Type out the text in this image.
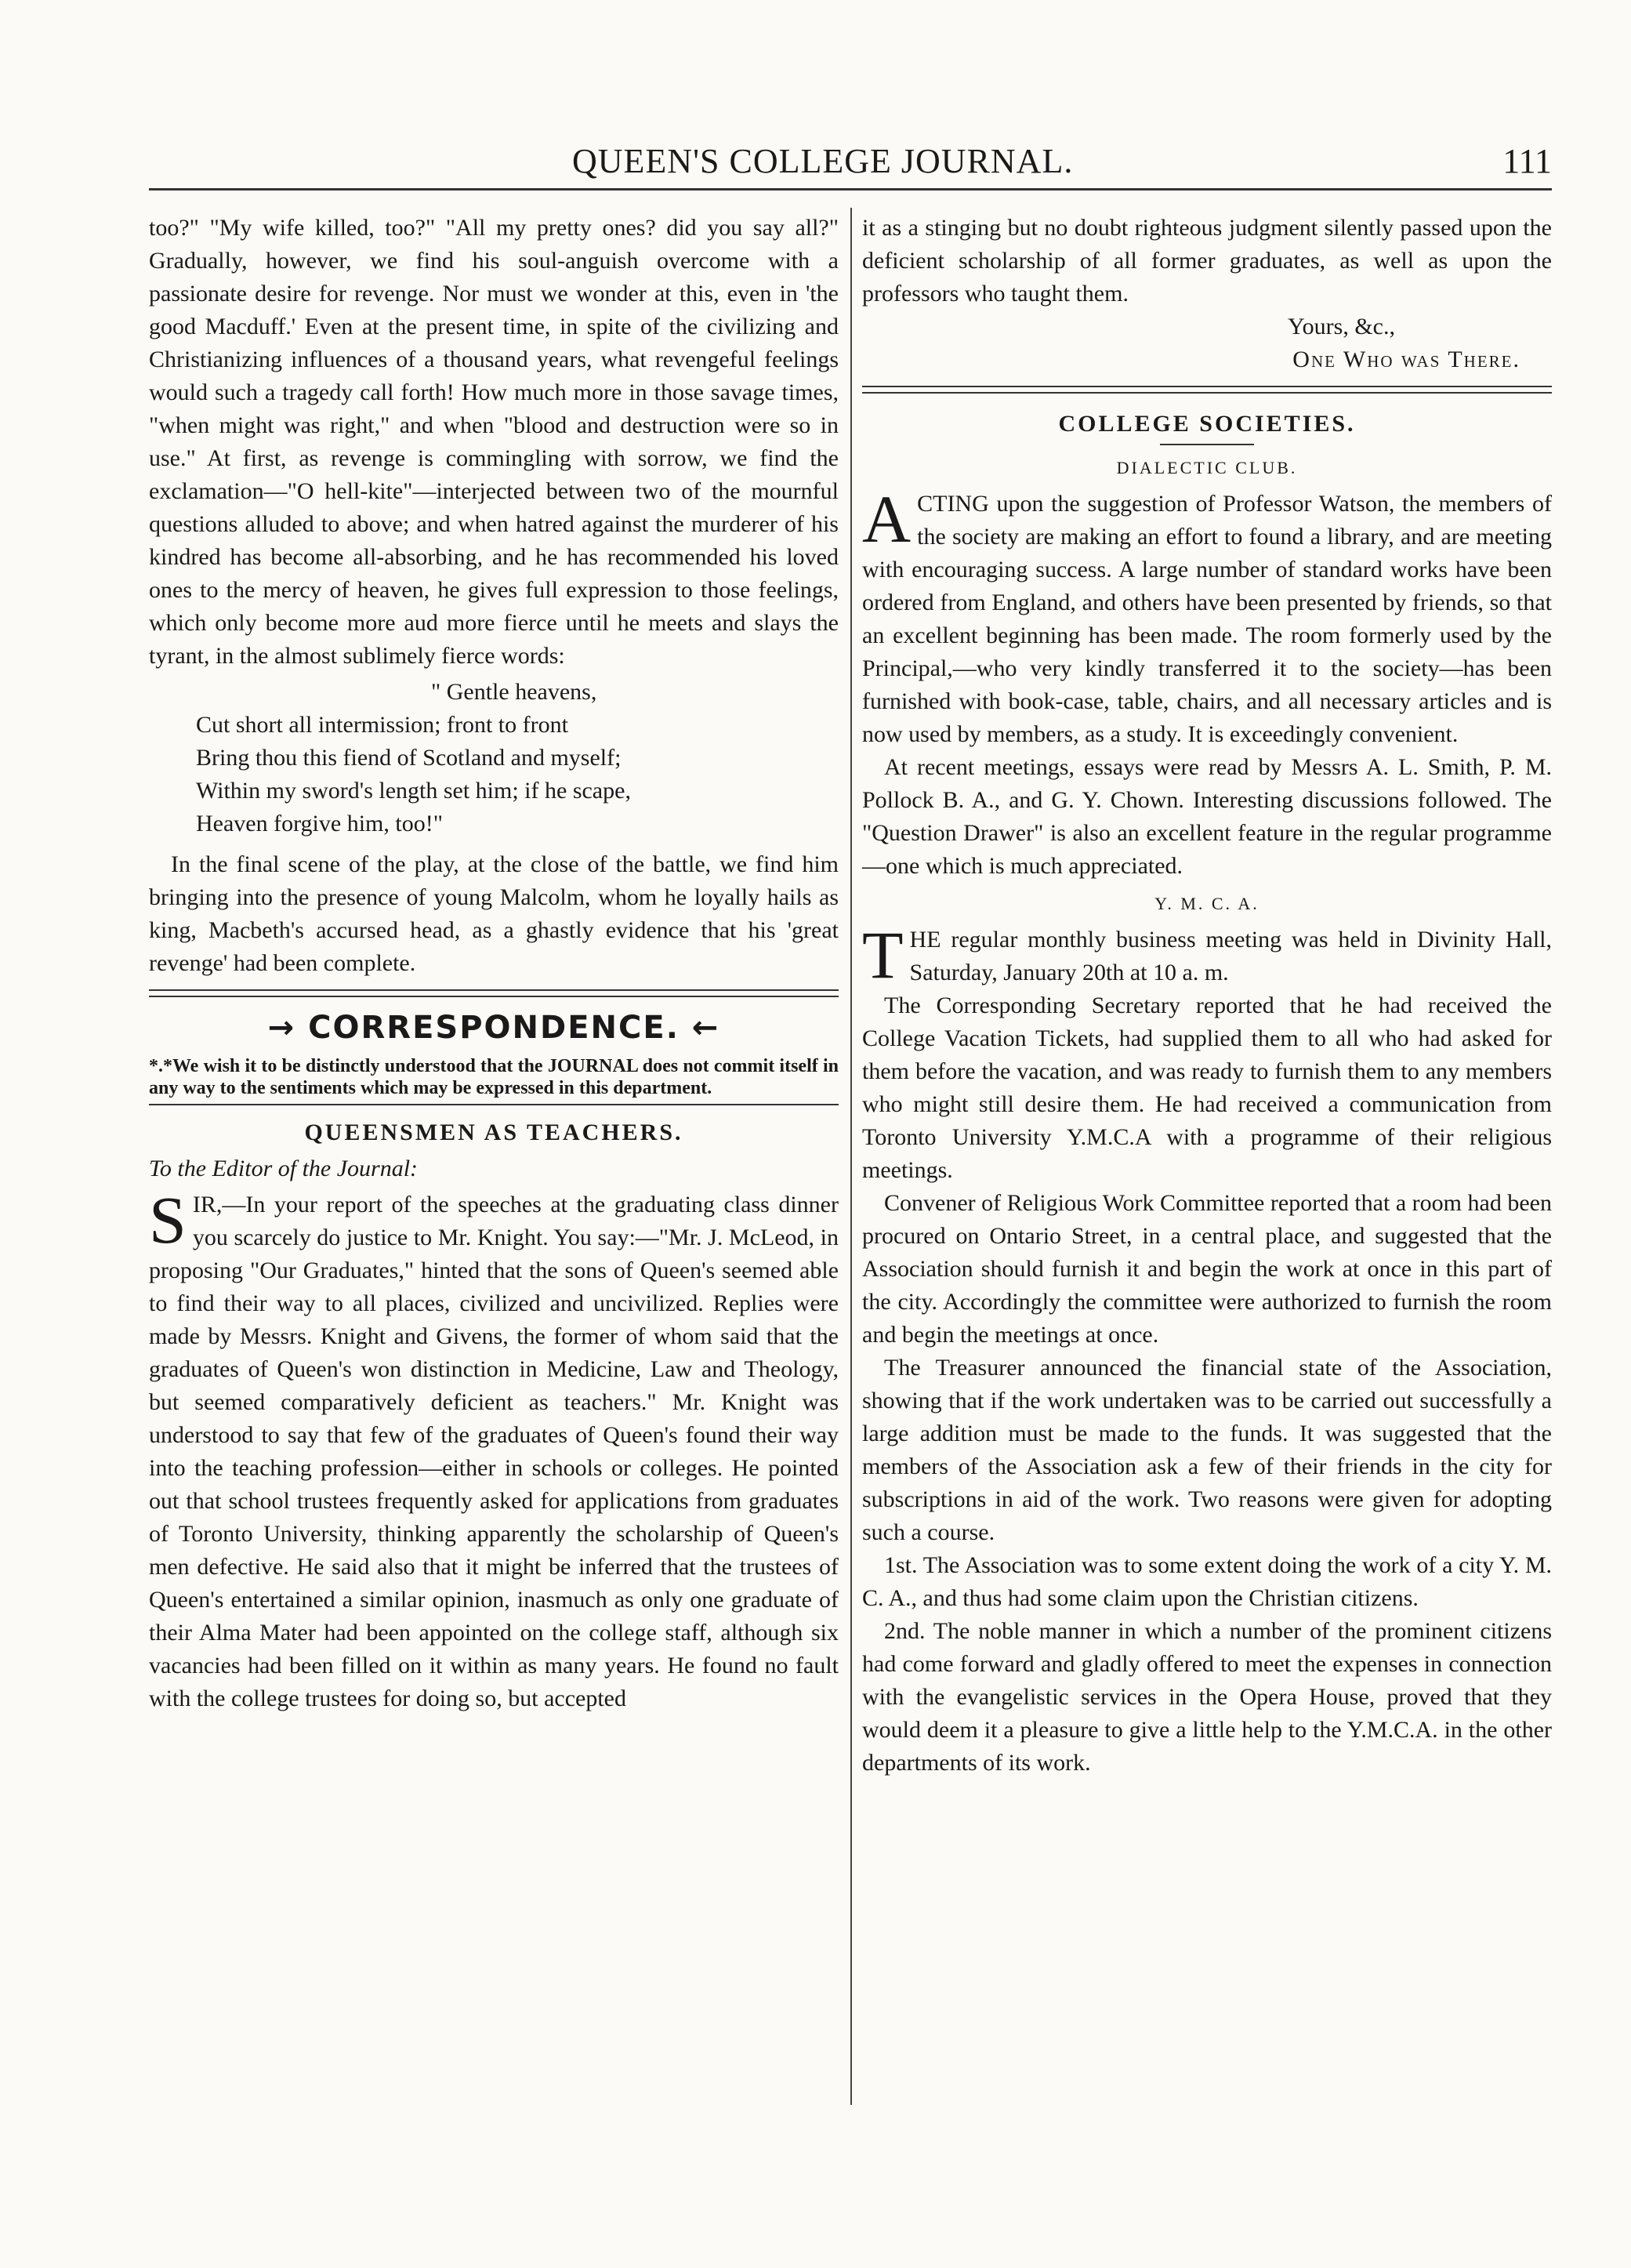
QUEEN'S COLLEGE JOURNAL.	111

too?" "My wife killed, too?" "All my pretty ones? did you say all?" Gradually, however, we find his soul-anguish overcome with a passionate desire for revenge. Nor must we wonder at this, even in 'the good Macduff.' Even at the present time, in spite of the civilizing and Christianizing influences of a thousand years, what revengeful feelings would such a tragedy call forth! How much more in those savage times, "when might was right," and when "blood and destruction were so in use." At first, as revenge is commingling with sorrow, we find the exclamation—"O hell-kite"—interjected between two of the mournful questions alluded to above; and when hatred against the murderer of his kindred has become all-absorbing, and he has recommended his loved ones to the mercy of heaven, he gives full expression to those feelings, which only become more aud more fierce until he meets and slays the tyrant, in the almost sublimely fierce words:

" Gentle heavens,
Cut short all intermission; front to front
Bring thou this fiend of Scotland and myself;
Within my sword's length set him; if he scape,
Heaven forgive him, too!"

In the final scene of the play, at the close of the battle, we find him bringing into the presence of young Malcolm, whom he loyally hails as king, Macbeth's accursed head, as a ghastly evidence that his 'great revenge' had been complete.

→ CORRESPONDENCE. ←
*.*We wish it to be distinctly understood that the JOURNAL does not commit itself in any way to the sentiments which may be expressed in this department.
QUEENSMEN AS TEACHERS.
To the Editor of the Journal:

S IR,—In your report of the speeches at the graduating class dinner you scarcely do justice to Mr. Knight. You say:—"Mr. J. McLeod, in proposing "Our Graduates," hinted that the sons of Queen's seemed able to find their way to all places, civilized and uncivilized. Replies were made by Messrs. Knight and Givens, the former of whom said that the graduates of Queen's won distinction in Medicine, Law and Theology, but seemed comparatively deficient as teachers." Mr. Knight was understood to say that few of the graduates of Queen's found their way into the teaching profession—either in schools or colleges. He pointed out that school trustees frequently asked for applications from graduates of Toronto University, thinking apparently the scholarship of Queen's men defective. He said also that it might be inferred that the trustees of Queen's entertained a similar opinion, inasmuch as only one graduate of their Alma Mater had been appointed on the college staff, although six vacancies had been filled on it within as many years. He found no fault with the college trustees for doing so, but accepted

it as a stinging but no doubt righteous judgment silently passed upon the deficient scholarship of all former graduates, as well as upon the professors who taught them.

Yours, &c.,
One Who was There.
COLLEGE SOCIETIES.
DIALECTIC CLUB.

A CTING upon the suggestion of Professor Watson, the members of the society are making an effort to found a library, and are meeting with encouraging success. A large number of standard works have been ordered from England, and others have been presented by friends, so that an excellent beginning has been made. The room formerly used by the Principal,—who very kindly transferred it to the society—has been furnished with book-case, table, chairs, and all necessary articles and is now used by members, as a study. It is exceedingly convenient.

At recent meetings, essays were read by Messrs A. L. Smith, P. M. Pollock B. A., and G. Y. Chown. Interesting discussions followed. The "Question Drawer" is also an excellent feature in the regular programme—one which is much appreciated.

Y. M. C. A.

T HE regular monthly business meeting was held in Divinity Hall, Saturday, January 20th at 10 a. m.

The Corresponding Secretary reported that he had received the College Vacation Tickets, had supplied them to all who had asked for them before the vacation, and was ready to furnish them to any members who might still desire them. He had received a communication from Toronto University Y.M.C.A with a programme of their religious meetings.

Convener of Religious Work Committee reported that a room had been procured on Ontario Street, in a central place, and suggested that the Association should furnish it and begin the work at once in this part of the city. Accordingly the committee were authorized to furnish the room and begin the meetings at once.

The Treasurer announced the financial state of the Association, showing that if the work undertaken was to be carried out successfully a large addition must be made to the funds. It was suggested that the members of the Association ask a few of their friends in the city for subscriptions in aid of the work. Two reasons were given for adopting such a course.

1st. The Association was to some extent doing the work of a city Y. M. C. A., and thus had some claim upon the Christian citizens.

2nd. The noble manner in which a number of the prominent citizens had come forward and gladly offered to meet the expenses in connection with the evangelistic services in the Opera House, proved that they would deem it a pleasure to give a little help to the Y.M.C.A. in the other departments of its work.
